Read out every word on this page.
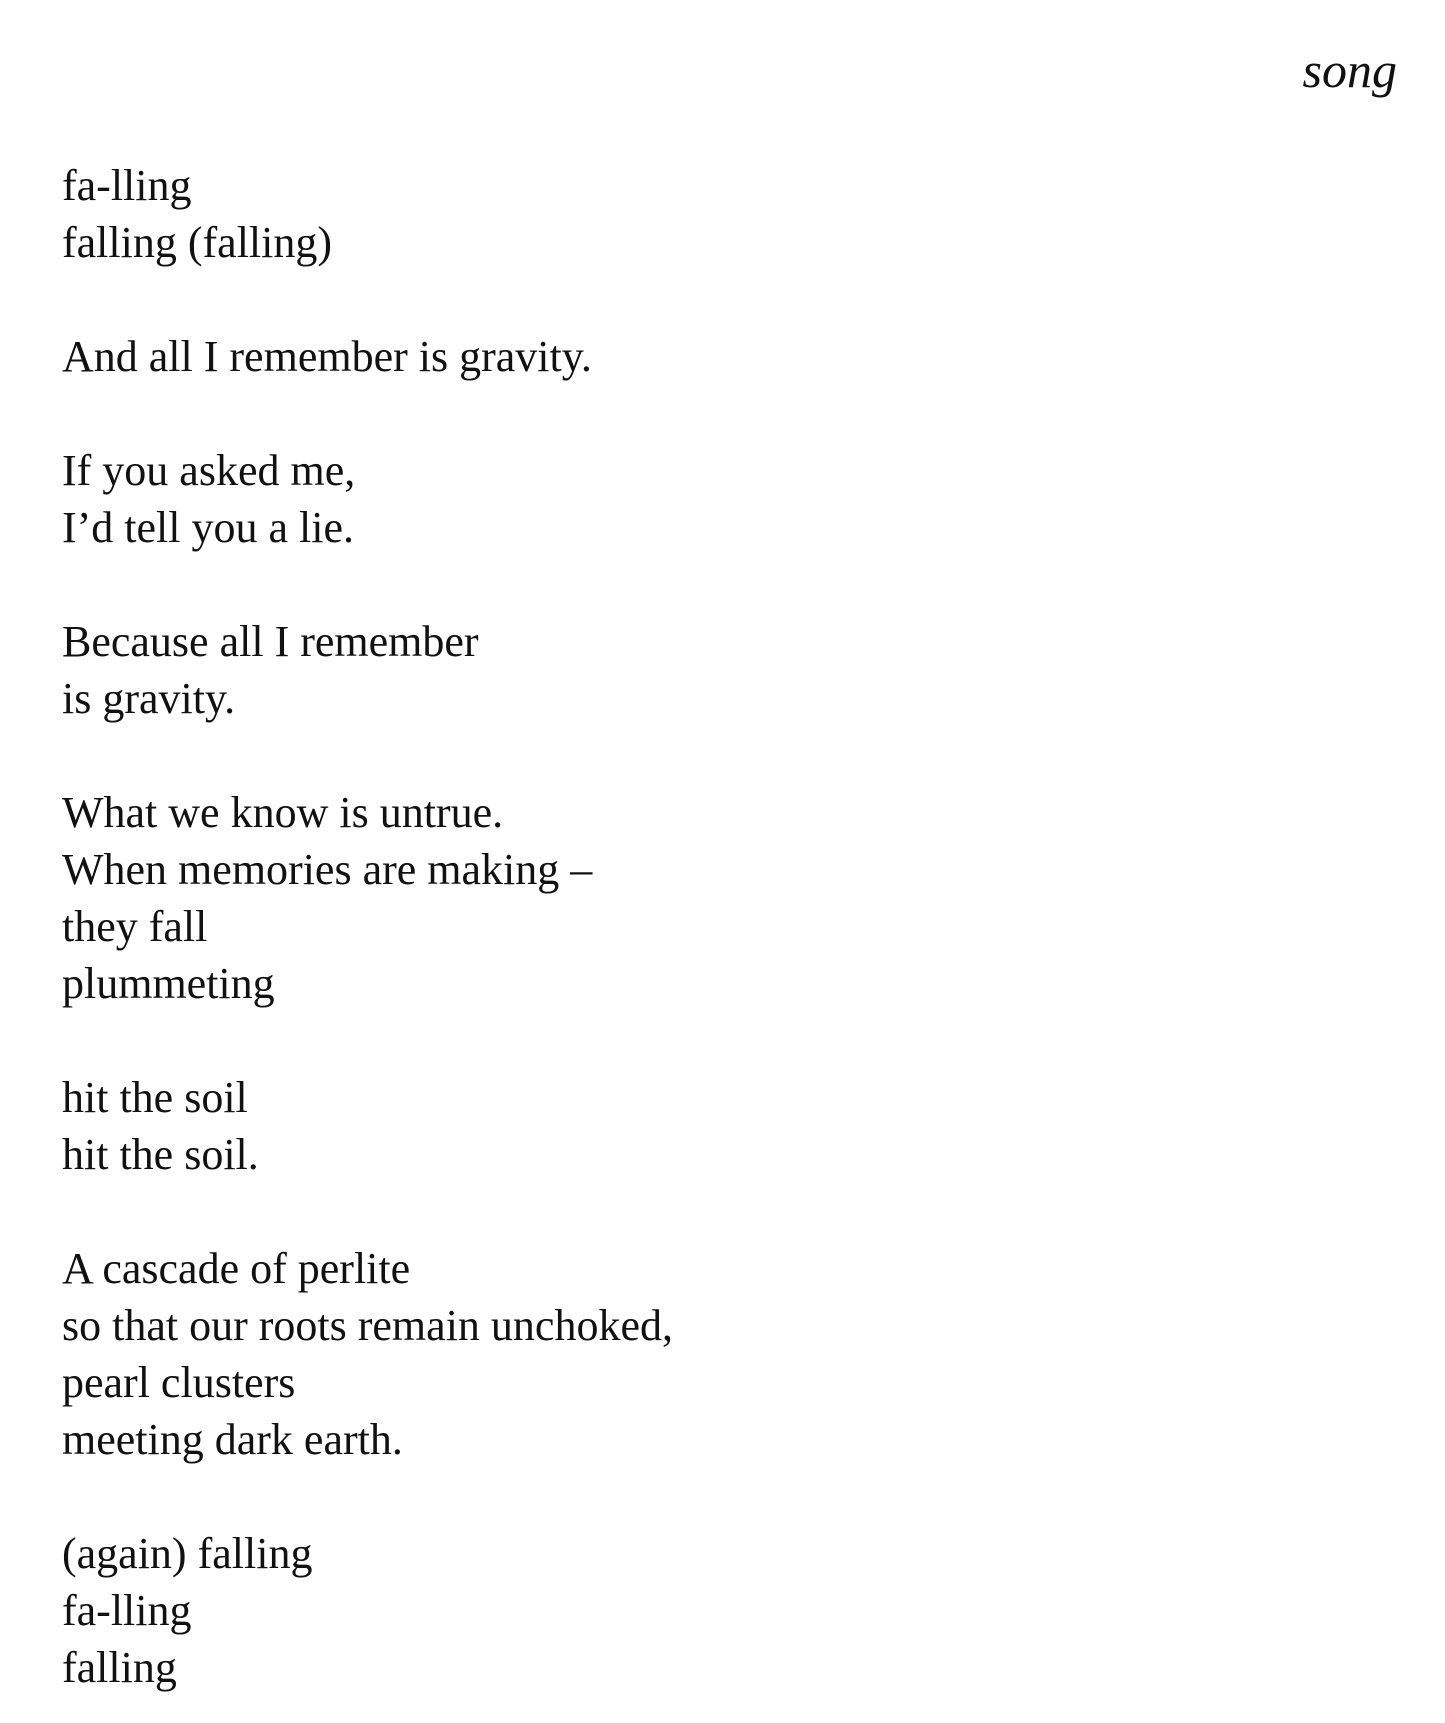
song
fa-lling
falling (falling)
And all I remember is gravity.
If you asked me,
I’d tell you a lie.
Because all I remember
is gravity.
What we know is untrue.
When memories are making –
they fall
plummeting
hit the soil
hit the soil.
A cascade of perlite
so that our roots remain unchoked,
pearl clusters
meeting dark earth.
(again) falling
fa-lling
falling
